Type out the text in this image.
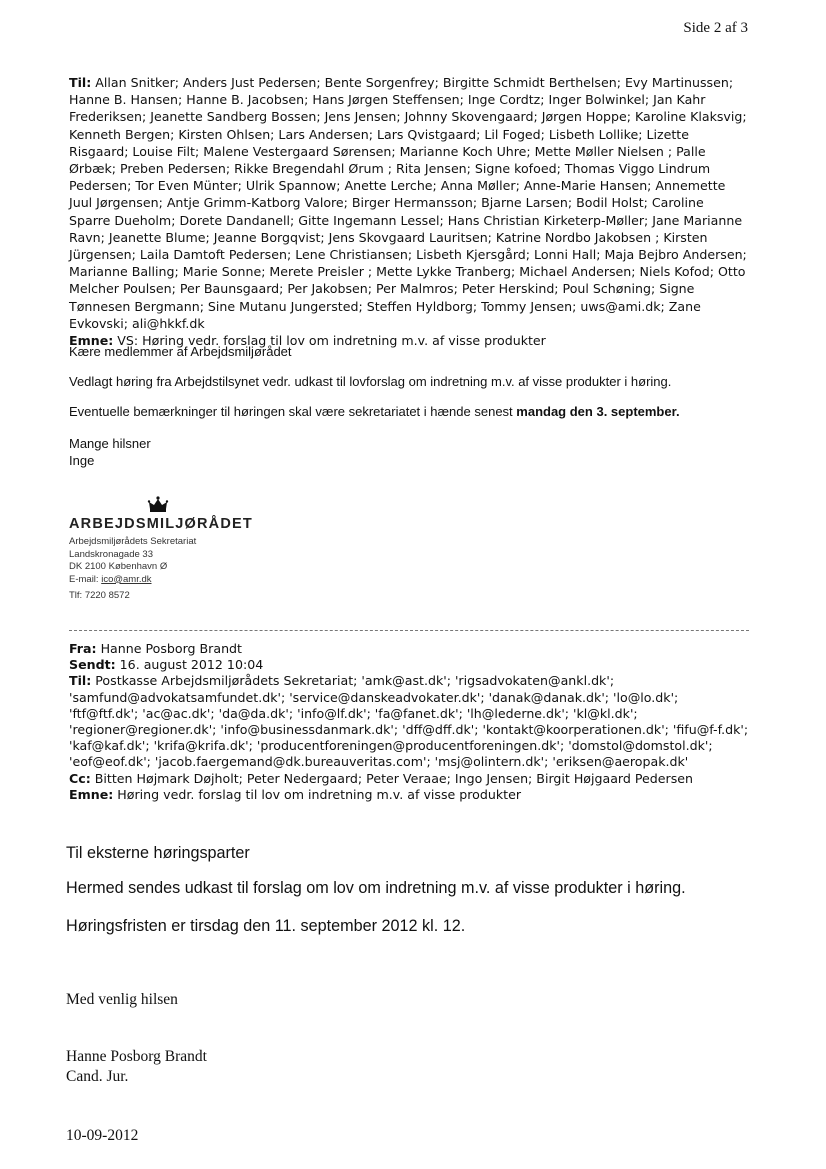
Side 2 af 3
Til: Allan Snitker; Anders Just Pedersen; Bente Sorgenfrey; Birgitte Schmidt Berthelsen; Evy Martinussen; Hanne B. Hansen; Hanne B. Jacobsen; Hans Jørgen Steffensen; Inge Cordtz; Inger Bolwinkel; Jan Kahr Frederiksen; Jeanette Sandberg Bossen; Jens Jensen; Johnny Skovengaard; Jørgen Hoppe; Karoline Klaksvig; Kenneth Bergen; Kirsten Ohlsen; Lars Andersen; Lars Qvistgaard; Lil Foged; Lisbeth Lollike; Lizette Risgaard; Louise Filt; Malene Vestergaard Sørensen; Marianne Koch Uhre; Mette Møller Nielsen ; Palle Ørbæk; Preben Pedersen; Rikke Bregendahl Ørum ; Rita Jensen; Signe kofoed; Thomas Viggo Lindrum Pedersen; Tor Even Münter; Ulrik Spannow; Anette Lerche; Anna Møller; Anne-Marie Hansen; Annemette Juul Jørgensen; Antje Grimm-Katborg Valore; Birger Hermansson; Bjarne Larsen; Bodil Holst; Caroline Sparre Dueholm; Dorete Dandanell; Gitte Ingemann Lessel; Hans Christian Kirketerp-Møller; Jane Marianne Ravn; Jeanette Blume; Jeanne Borgqvist; Jens Skovgaard Lauritsen; Katrine Nordbo Jakobsen ; Kirsten Jürgensen; Laila Damtoft Pedersen; Lene Christiansen; Lisbeth Kjersgård; Lonni Hall; Maja Bejbro Andersen; Marianne Balling; Marie Sonne; Merete Preisler ; Mette Lykke Tranberg; Michael Andersen; Niels Kofod; Otto Melcher Poulsen; Per Baunsgaard; Per Jakobsen; Per Malmros; Peter Herskind; Poul Schøning; Signe Tønnesen Bergmann; Sine Mutanu Jungersted; Steffen Hyldborg; Tommy Jensen; uws@ami.dk; Zane Evkovski; ali@hkkf.dk
Emne: VS: Høring vedr. forslag til lov om indretning m.v. af visse produkter
Kære medlemmer af Arbejdsmiljørådet
Vedlagt høring fra Arbejdstilsynet vedr. udkast til lovforslag om indretning m.v. af visse produkter i høring.
Eventuelle bemærkninger til høringen skal være sekretariatet i hænde senest mandag den 3. september.
Mange hilsner
Inge
ARBEJDSMILJØRÅDET
Arbejdsmiljørådets Sekretariat
Landskronagade 33
DK 2100 København Ø
E-mail: ico@amr.dk
Tlf: 7220 8572
Fra: Hanne Posborg Brandt
Sendt: 16. august 2012 10:04
Til: Postkasse Arbejdsmiljørådets Sekretariat; 'amk@ast.dk'; 'rigsadvokaten@ankl.dk'; 'samfund@advokatsamfundet.dk'; 'service@danskeadvokater.dk'; 'danak@danak.dk'; 'lo@lo.dk'; 'ftf@ftf.dk'; 'ac@ac.dk'; 'da@da.dk'; 'info@lf.dk'; 'fa@fanet.dk'; 'lh@lederne.dk'; 'kl@kl.dk'; 'regioner@regioner.dk'; 'info@businessdanmark.dk'; 'dff@dff.dk'; 'kontakt@koorperationen.dk'; 'fifu@f-f.dk'; 'kaf@kaf.dk'; 'krifa@krifa.dk'; 'producentforeningen@producentforeningen.dk'; 'domstol@domstol.dk'; 'eof@eof.dk'; 'jacob.faergemand@dk.bureauveritas.com'; 'msj@olintern.dk'; 'eriksen@aeropak.dk'
Cc: Bitten Højmark Døjholt; Peter Nedergaard; Peter Veraae; Ingo Jensen; Birgit Højgaard Pedersen
Emne: Høring vedr. forslag til lov om indretning m.v. af visse produkter
Til eksterne høringsparter
Hermed sendes udkast til forslag om lov om indretning m.v. af visse produkter i høring.
Høringsfristen er tirsdag den 11. september 2012 kl. 12.
Med venlig hilsen
Hanne Posborg Brandt
Cand. Jur.
10-09-2012
